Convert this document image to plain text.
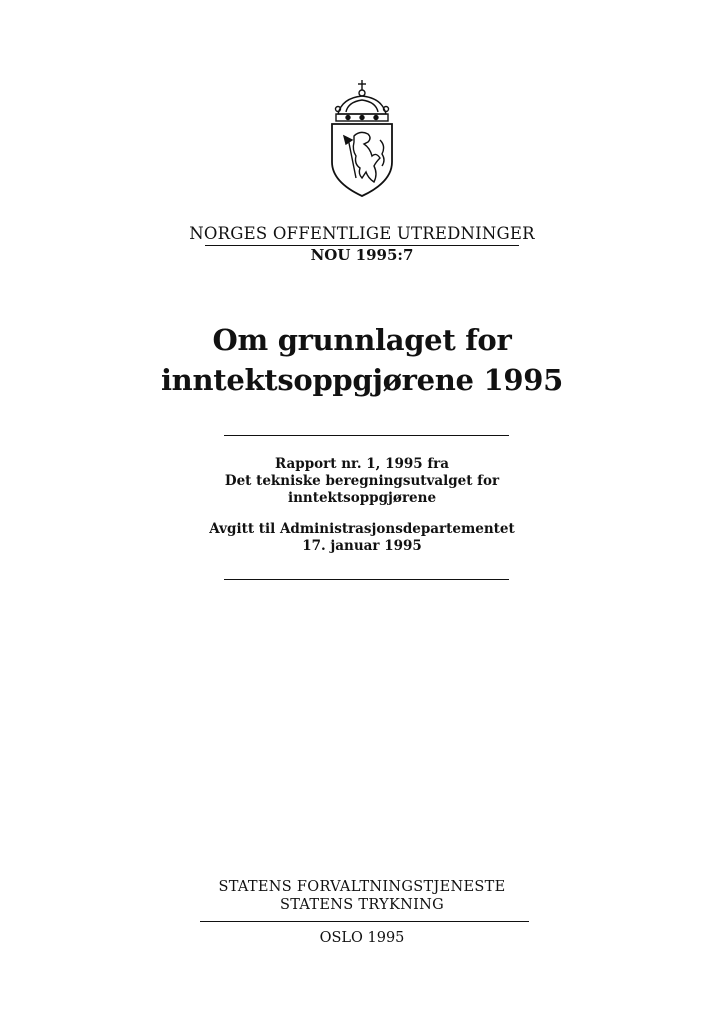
NORGES OFFENTLIGE UTREDNINGER
NOU 1995:7
Om grunnlaget for
inntektsoppgjørene 1995
Rapport nr. 1, 1995 fra
Det tekniske beregningsutvalget for
inntektsoppgjørene
Avgitt til Administrasjonsdepartementet
17. januar 1995
STATENS FORVALTNINGSTJENESTE
STATENS TRYKNING
OSLO 1995
